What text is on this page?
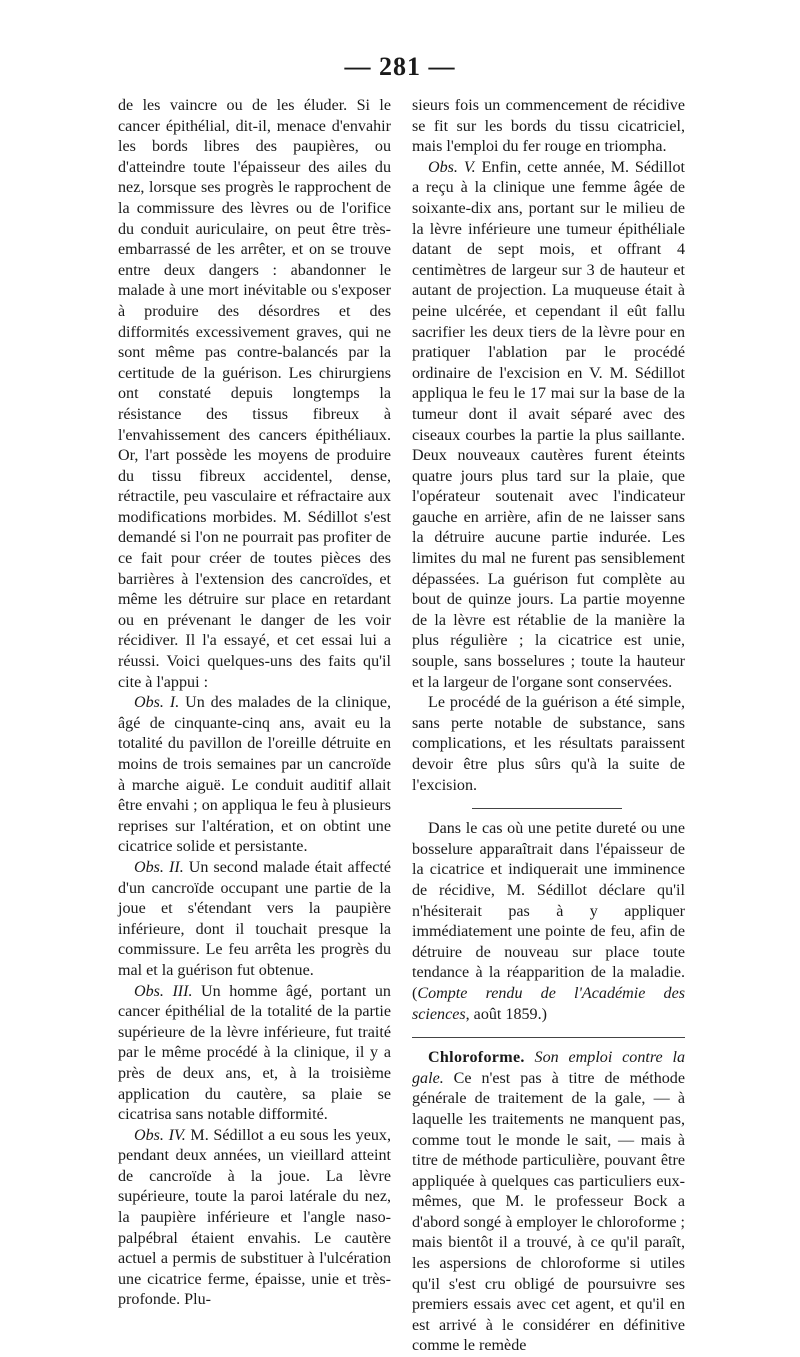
— 281 —

de les vaincre ou de les éluder. Si le cancer épithélial, dit-il, menace d'envahir les bords libres des paupières, ou d'atteindre toute l'épaisseur des ailes du nez, lorsque ses progrès le rapprochent de la commissure des lèvres ou de l'orifice du conduit auriculaire, on peut être très-embarrassé de les arrêter, et on se trouve entre deux dangers : abandonner le malade à une mort inévitable ou s'exposer à produire des désordres et des difformités excessivement graves, qui ne sont même pas contre-balancés par la certitude de la guérison. Les chirurgiens ont constaté depuis longtemps la résistance des tissus fibreux à l'envahissement des cancers épithéliaux. Or, l'art possède les moyens de produire du tissu fibreux accidentel, dense, rétractile, peu vasculaire et réfractaire aux modifications morbides. M. Sédillot s'est demandé si l'on ne pourrait pas profiter de ce fait pour créer de toutes pièces des barrières à l'extension des cancroïdes, et même les détruire sur place en retardant ou en prévenant le danger de les voir récidiver. Il l'a essayé, et cet essai lui a réussi. Voici quelques-uns des faits qu'il cite à l'appui :

Obs. I. Un des malades de la clinique, âgé de cinquante-cinq ans, avait eu la totalité du pavillon de l'oreille détruite en moins de trois semaines par un cancroïde à marche aiguë. Le conduit auditif allait être envahi ; on appliqua le feu à plusieurs reprises sur l'altération, et on obtint une cicatrice solide et persistante.

Obs. II. Un second malade était affecté d'un cancroïde occupant une partie de la joue et s'étendant vers la paupière inférieure, dont il touchait presque la commissure. Le feu arrêta les progrès du mal et la guérison fut obtenue.

Obs. III. Un homme âgé, portant un cancer épithélial de la totalité de la partie supérieure de la lèvre inférieure, fut traité par le même procédé à la clinique, il y a près de deux ans, et, à la troisième application du cautère, sa plaie se cicatrisa sans notable difformité.

Obs. IV. M. Sédillot a eu sous les yeux, pendant deux années, un vieillard atteint de cancroïde à la joue. La lèvre supérieure, toute la paroi latérale du nez, la paupière inférieure et l'angle naso-palpébral étaient envahis. Le cautère actuel a permis de substituer à l'ulcération une cicatrice ferme, épaisse, unie et très-profonde. Plu-

sieurs fois un commencement de récidive se fit sur les bords du tissu cicatriciel, mais l'emploi du fer rouge en triompha.

Obs. V. Enfin, cette année, M. Sédillot a reçu à la clinique une femme âgée de soixante-dix ans, portant sur le milieu de la lèvre inférieure une tumeur épithéliale datant de sept mois, et offrant 4 centimètres de largeur sur 3 de hauteur et autant de projection. La muqueuse était à peine ulcérée, et cependant il eût fallu sacrifier les deux tiers de la lèvre pour en pratiquer l'ablation par le procédé ordinaire de l'excision en V. M. Sédillot appliqua le feu le 17 mai sur la base de la tumeur dont il avait séparé avec des ciseaux courbes la partie la plus saillante. Deux nouveaux cautères furent éteints quatre jours plus tard sur la plaie, que l'opérateur soutenait avec l'indicateur gauche en arrière, afin de ne laisser sans la détruire aucune partie indurée. Les limites du mal ne furent pas sensiblement dépassées. La guérison fut complète au bout de quinze jours. La partie moyenne de la lèvre est rétablie de la manière la plus régulière ; la cicatrice est unie, souple, sans bosselures ; toute la hauteur et la largeur de l'organe sont conservées.

Le procédé de la guérison a été simple, sans perte notable de substance, sans complications, et les résultats paraissent devoir être plus sûrs qu'à la suite de l'excision.

Dans le cas où une petite dureté ou une bosselure apparaîtrait dans l'épaisseur de la cicatrice et indiquerait une imminence de récidive, M. Sédillot déclare qu'il n'hésiterait pas à y appliquer immédiatement une pointe de feu, afin de détruire de nouveau sur place toute tendance à la réapparition de la maladie. (Compte rendu de l'Académie des sciences, août 1859.)

Chloroforme. Son emploi contre la gale. Ce n'est pas à titre de méthode générale de traitement de la gale, — à laquelle les traitements ne manquent pas, comme tout le monde le sait, — mais à titre de méthode particulière, pouvant être appliquée à quelques cas particuliers eux-mêmes, que M. le professeur Bock a d'abord songé à employer le chloroforme ; mais bientôt il a trouvé, à ce qu'il paraît, les aspersions de chloroforme si utiles qu'il s'est cru obligé de poursuivre ses premiers essais avec cet agent, et qu'il en est arrivé à le considérer en définitive comme le remède
